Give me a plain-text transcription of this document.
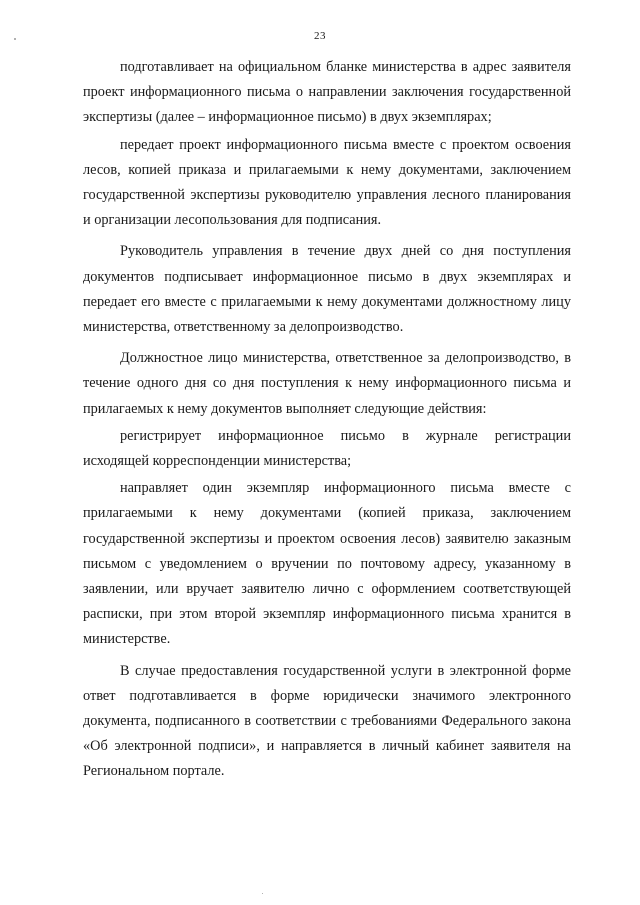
23

подготавливает на официальном бланке министерства в адрес заявителя проект информационного письма о направлении заключения государственной экспертизы (далее – информационное письмо) в двух экземплярах;

передает проект информационного письма вместе с проектом освоения лесов, копией приказа и прилагаемыми к нему документами, заключением государственной экспертизы руководителю управления лесного планирования и организации лесопользования для подписания.

Руководитель управления в течение двух дней со дня поступления документов подписывает информационное письмо в двух экземплярах и передает его вместе с прилагаемыми к нему документами должностному лицу министерства, ответственному за делопроизводство.

Должностное лицо министерства, ответственное за делопроизводство, в течение одного дня со дня поступления к нему информационного письма и прилагаемых к нему документов выполняет следующие действия:

регистрирует информационное письмо в журнале регистрации исходящей корреспонденции министерства;

направляет один экземпляр информационного письма вместе с прилагаемыми к нему документами (копией приказа, заключением государственной экспертизы и проектом освоения лесов) заявителю заказным письмом с уведомлением о вручении по почтовому адресу, указанному в заявлении, или вручает заявителю лично с оформлением соответствующей расписки, при этом второй экземпляр информационного письма хранится в министерстве.

В случае предоставления государственной услуги в электронной форме ответ подготавливается в форме юридически значимого электронного документа, подписанного в соответствии с требованиями Федерального закона «Об электронной подписи», и направляется в личный кабинет заявителя на Региональном портале.
